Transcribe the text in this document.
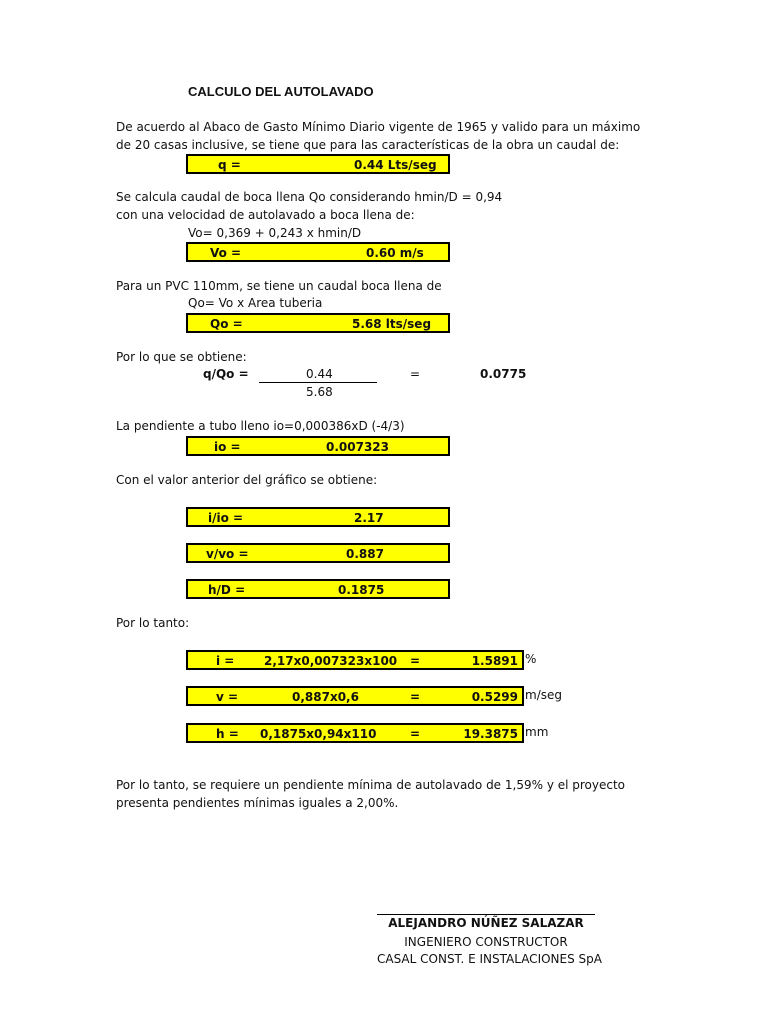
CALCULO DEL AUTOLAVADO
De acuerdo al Abaco de Gasto Mínimo Diario vigente de 1965 y valido para un máximo
de 20 casas inclusive, se tiene que para las características de la obra un caudal de:
q =	0.44 Lts/seg
Se calcula caudal de boca llena Qo considerando hmin/D = 0,94
con una velocidad de autolavado a boca llena de:
Vo= 0,369 + 0,243 x hmin/D
Vo =	0.60 m/s
Para un PVC 110mm, se tiene un caudal boca llena de
Qo= Vo x Area tuberia
Qo =	5.68 lts/seg
Por lo que se obtiene:
q/Qo =	0.44
5.68
=	0.0775
La pendiente a tubo lleno io=0,000386xD (-4/3)
io =	0.007323
Con el valor anterior del gráfico se obtiene:
i/io =	2.17
v/vo =	0.887
h/D =	0.1875
Por lo tanto:
i = 2,17x0,007323x100 =	1.5891 %
v =	0,887x0,6	=	0.5299 m/seg
h = 0,1875x0,94x110	=	19.3875 mm
Por lo tanto, se requiere un pendiente mínima de autolavado de 1,59% y el proyecto
presenta pendientes mínimas iguales a 2,00%.
ALEJANDRO NÚÑEZ SALAZAR
INGENIERO CONSTRUCTOR
CASAL CONST. E INSTALACIONES SpA
